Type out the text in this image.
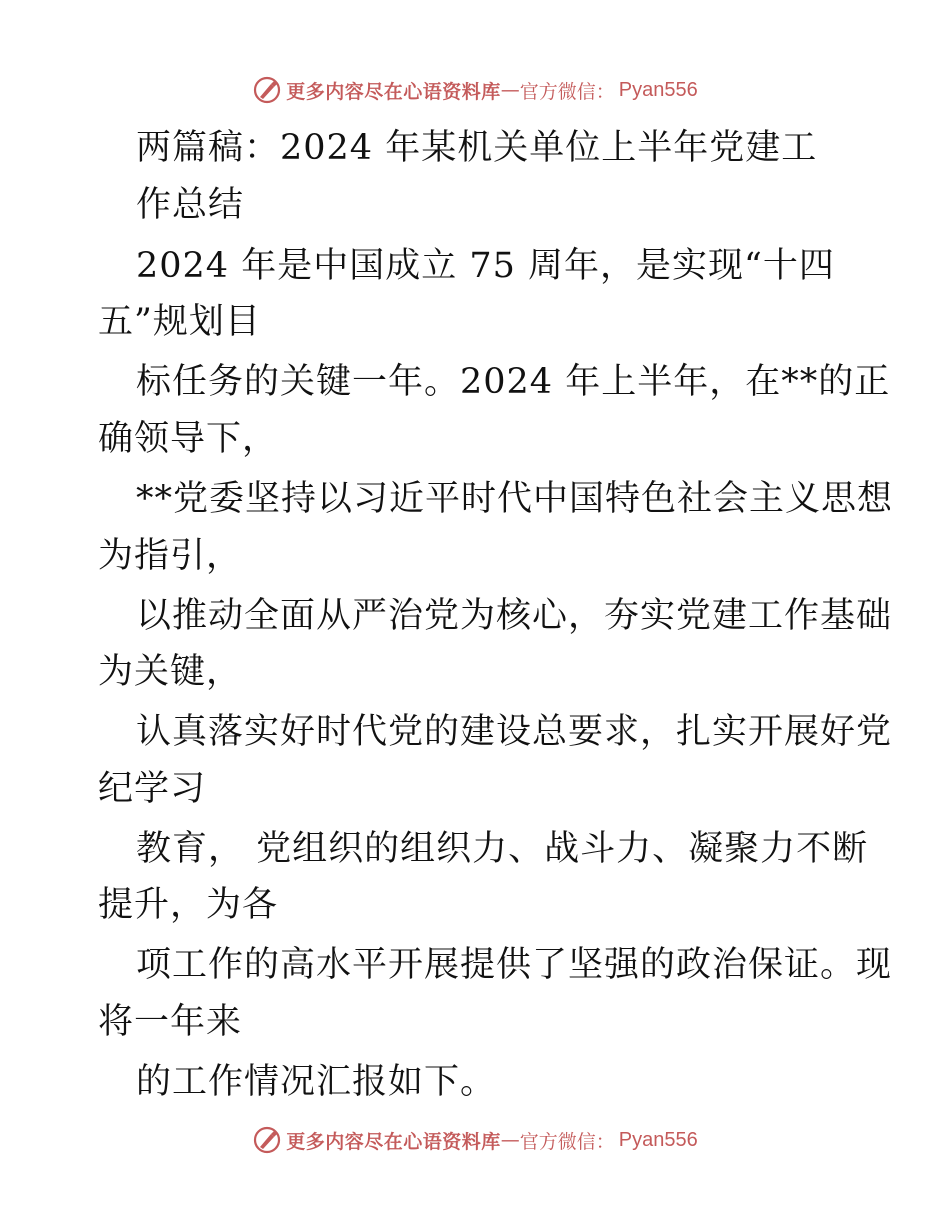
更多内容尽在心语资料库 — 官方微信： Pyan556
两篇稿：2024 年某机关单位上半年党建工
作总结
2024 年是中国成立 75 周年，是实现“十四
五”规划目
标任务的关键一年。2024 年上半年，在**的正
确领导下，
**党委坚持以习近平时代中国特色社会主义思想
为指引，
以推动全面从严治党为核心，夯实党建工作基础
为关键，
认真落实好时代党的建设总要求，扎实开展好党
纪学习
教育， 党组织的组织力、战斗力、凝聚力不断
提升，为各
项工作的高水平开展提供了坚强的政治保证。现
将一年来
的工作情况汇报如下。
更多内容尽在心语资料库 — 官方微信： Pyan556
